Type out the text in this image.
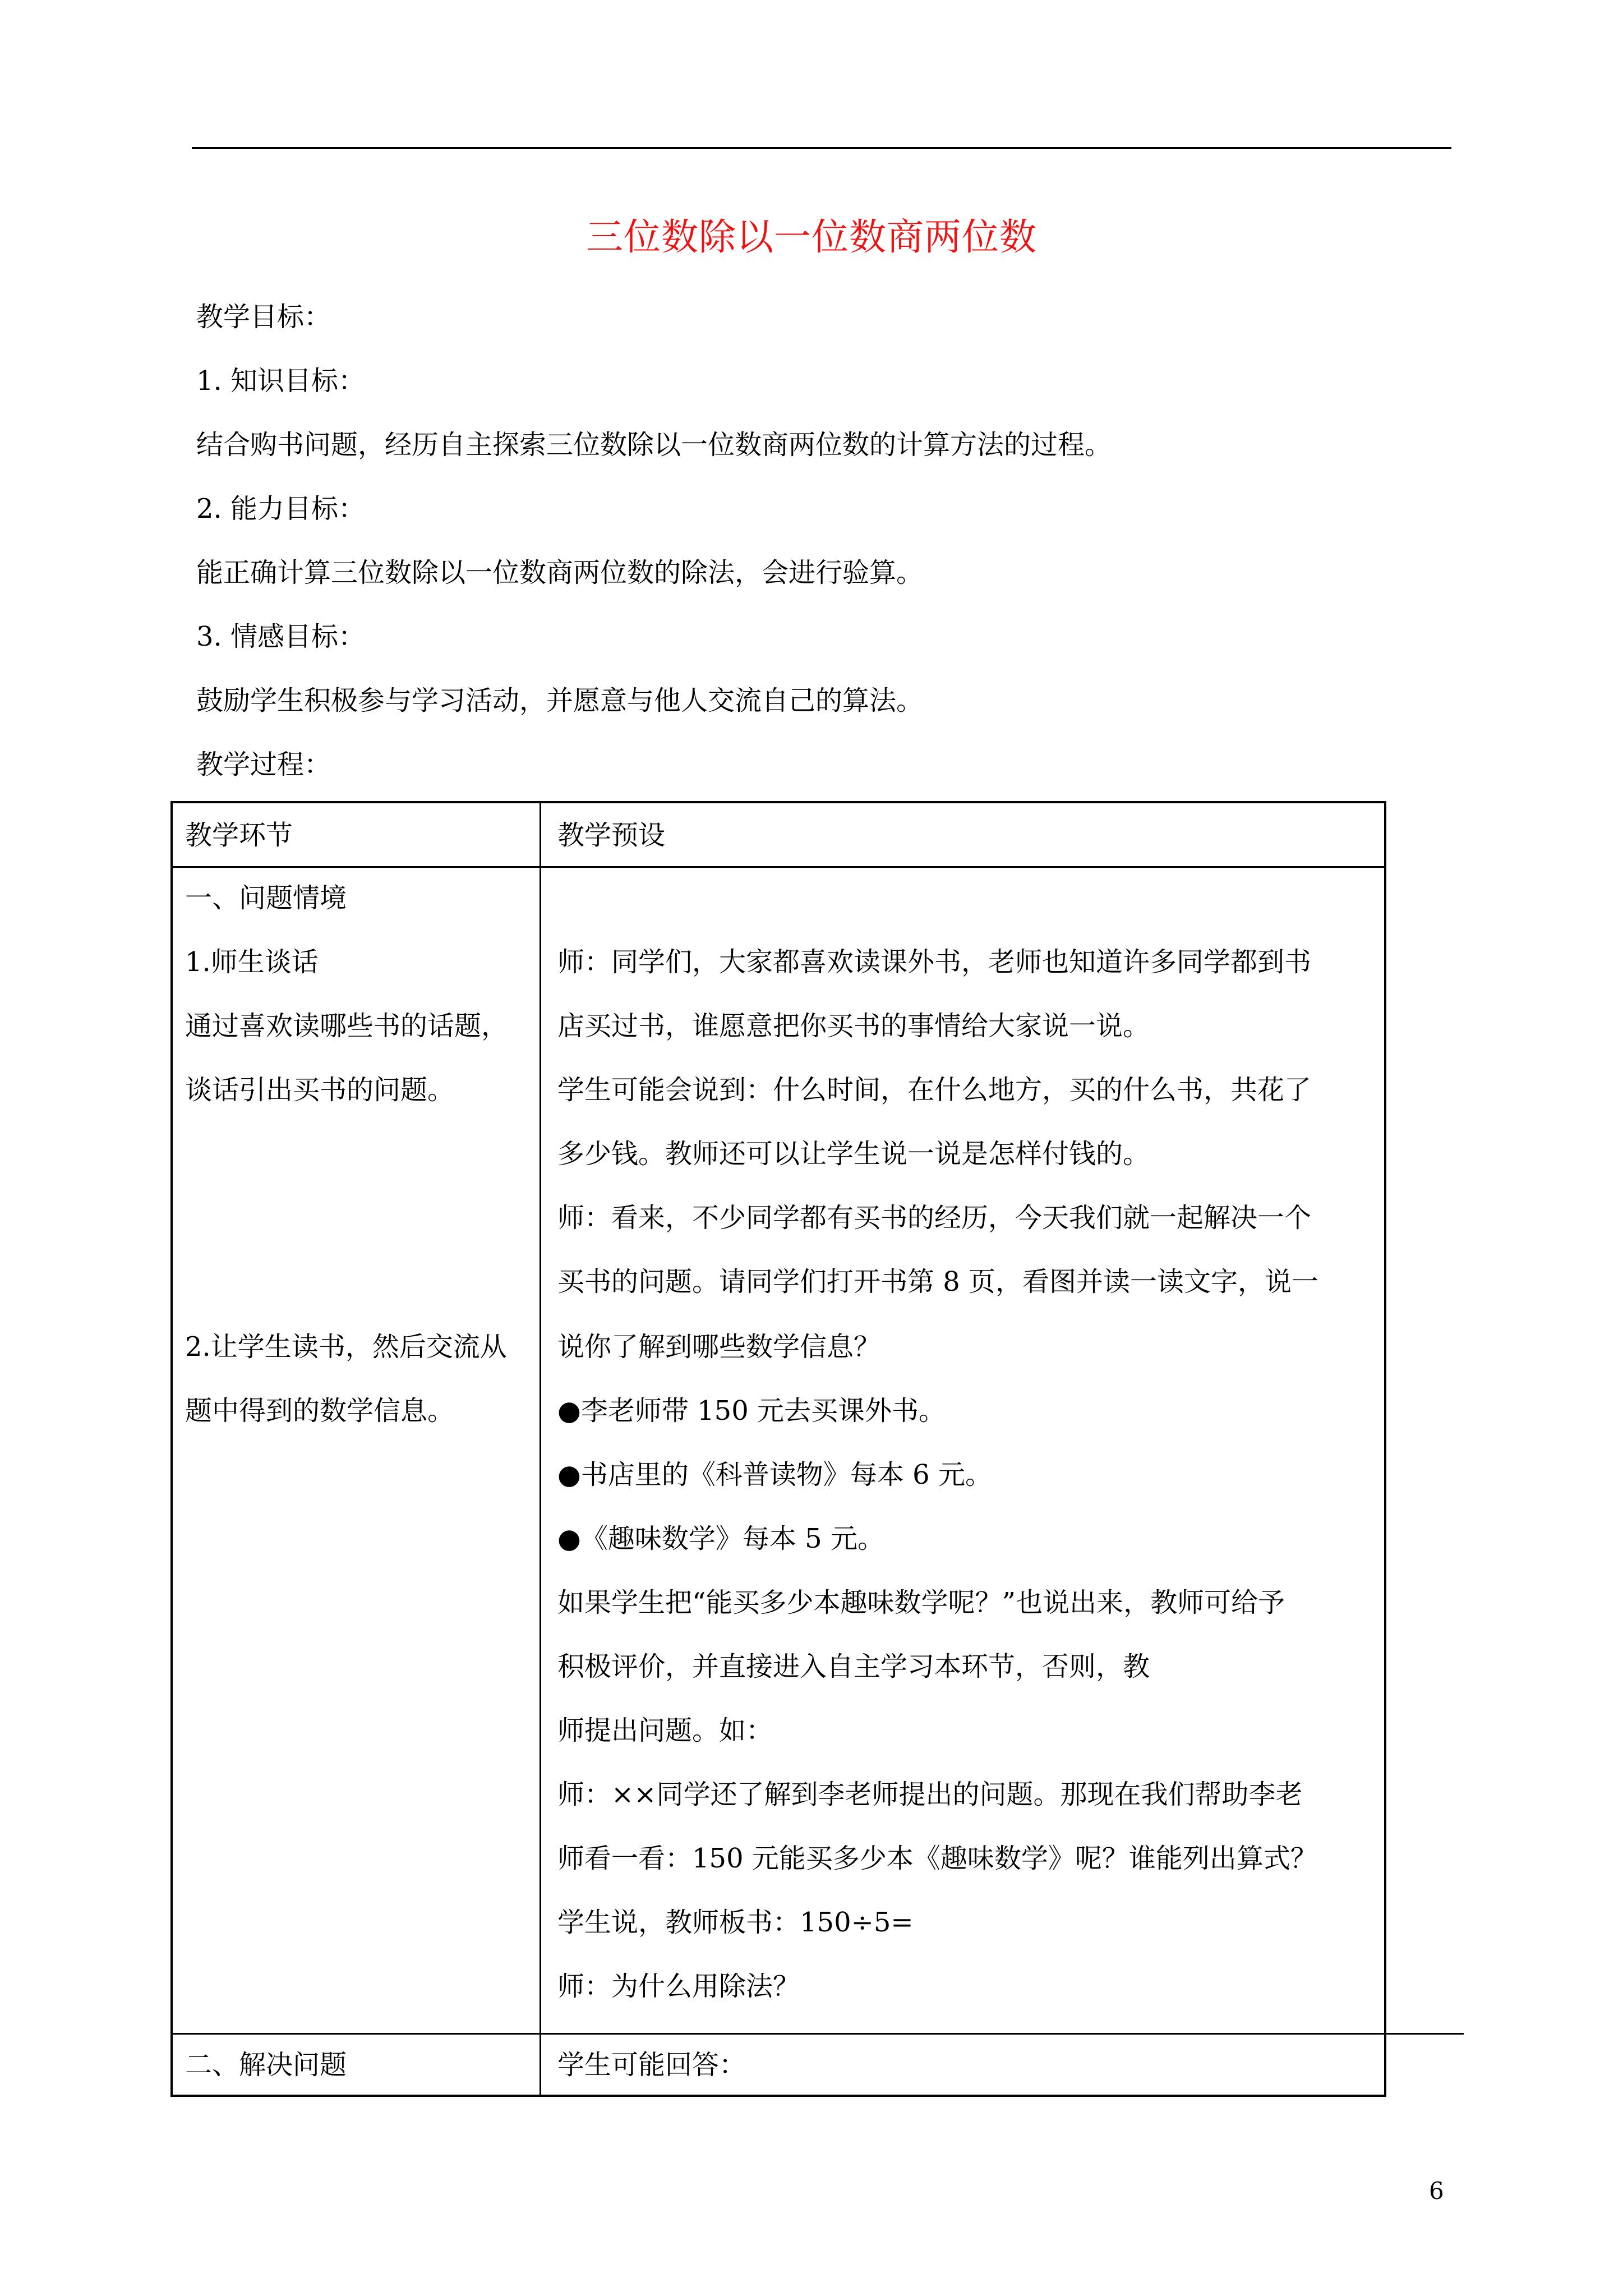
三位数除以一位数商两位数
教学目标：
1. 知识目标：
结合购书问题，经历自主探索三位数除以一位数商两位数的计算方法的过程。
2. 能力目标：
能正确计算三位数除以一位数商两位数的除法，会进行验算。
3. 情感目标：
鼓励学生积极参与学习活动，并愿意与他人交流自己的算法。
教学过程：
教学环节	教学预设
一、问题情境
1.师生谈话
通过喜欢读哪些书的话题，
谈话引出买书的问题。
2.让学生读书，然后交流从
题中得到的数学信息。
师：同学们，大家都喜欢读课外书，老师也知道许多同学都到书
店买过书，谁愿意把你买书的事情给大家说一说。
学生可能会说到：什么时间，在什么地方，买的什么书，共花了
多少钱。教师还可以让学生说一说是怎样付钱的。
师：看来，不少同学都有买书的经历，今天我们就一起解决一个
买书的问题。请同学们打开书第 8 页，看图并读一读文字，说一
说你了解到哪些数学信息？
●李老师带 150 元去买课外书。
●书店里的《科普读物》每本 6 元。
●《趣味数学》每本 5 元。
如果学生把“能买多少本趣味数学呢？”也说出来，教师可给予
积极评价，并直接进入自主学习本环节，否则，教
师提出问题。如：
师：××同学还了解到李老师提出的问题。那现在我们帮助李老
师看一看：150 元能买多少本《趣味数学》呢？谁能列出算式？
学生说，教师板书：150÷5=
师：为什么用除法？
二、解决问题	学生可能回答：
6
